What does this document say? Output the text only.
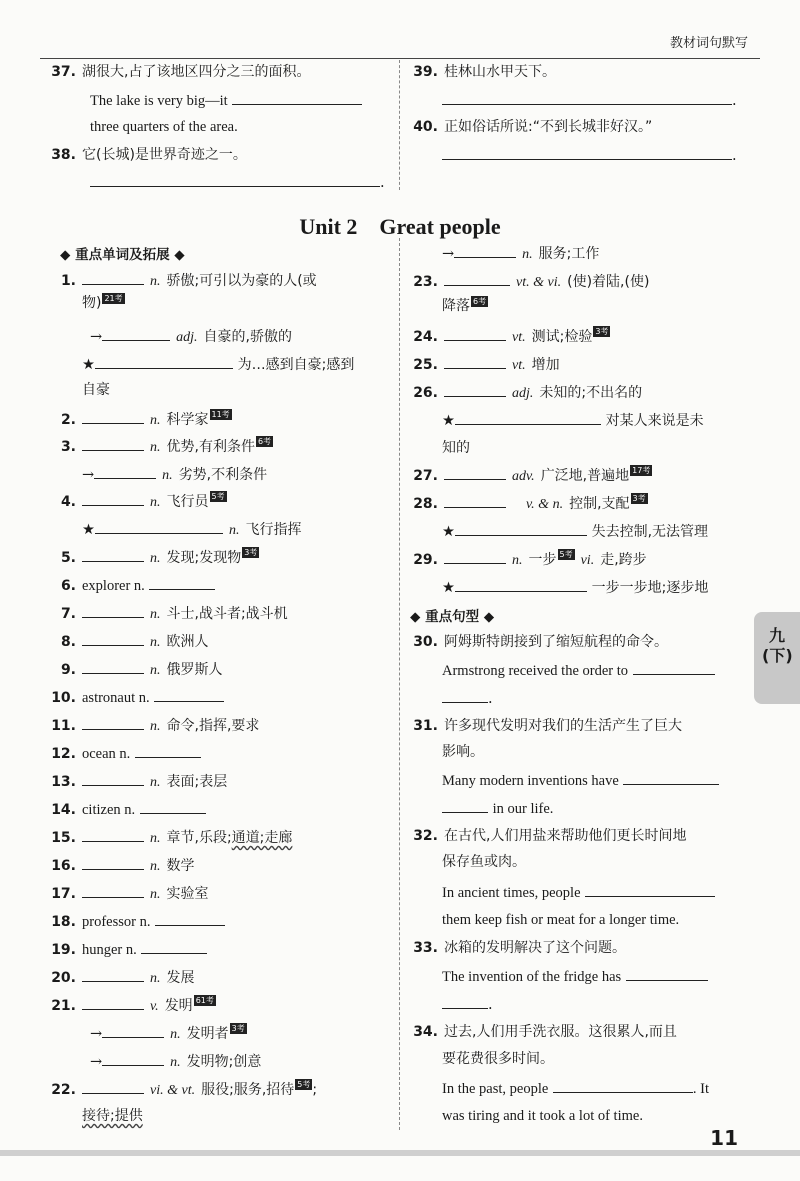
教材词句默写
37. 湖很大,占了该地区四分之三的面积。
The lake is very big—it
three quarters of the area.
38. 它(长城)是世界奇迹之一。
.
39. 桂林山水甲天下。
.
40. 正如俗话所说:“不到长城非好汉。”
.
Unit 2　Great people
◆ 重点单词及拓展 ◆
1.	n. 骄傲;可引以为豪的人(或
物) 21考
→	adj. 自豪的,骄傲的
★	为…感到自豪;感到
自豪
2.	n. 科学家 11考
3.	n. 优势,有利条件 6考
→	n. 劣势,不利条件
4.	n. 飞行员 5考
★	n. 飞行指挥
5.	n. 发现;发现物 3考
6. explorer n.
7.	n. 斗士,战斗者;战斗机
8.	n. 欧洲人
9.	n. 俄罗斯人
10. astronaut n.
11.	n. 命令,指挥,要求
12. ocean n.
13.	n. 表面;表层
14. citizen n.
15.	n. 章节,乐段;通道;走廊
16.	n. 数学
17.	n. 实验室
18. professor n.
19. hunger n.
20.	n. 发展
21.	v. 发明 61考
→	n. 发明者 3考
→	n. 发明物;创意
22.	vi. & vt. 服役;服务,招待 5考 ;
接待;提供
→	n. 服务;工作
23.	vt. & vi. (使)着陆,(使)
降落 6考
24.	vt. 测试;检验 3考
25.	vt. 增加
26.	adj. 未知的;不出名的
★	对某人来说是未
知的
27.	adv. 广泛地,普遍地 17考
28.	v. & n. 控制,支配 3考
★	失去控制,无法管理
29.	n. 一步 5考 vi. 走,跨步
★	一步一步地;逐步地
◆ 重点句型 ◆
30. 阿姆斯特朗接到了缩短航程的命令。
Armstrong received the order to
.
31. 许多现代发明对我们的生活产生了巨大
影响。
Many modern inventions have
in our life.
32. 在古代,人们用盐来帮助他们更长时间地
保存鱼或肉。
In ancient times, people
them keep fish or meat for a longer time.
33. 冰箱的发明解决了这个问题。
The invention of the fridge has
.
34. 过去,人们用手洗衣服。这很累人,而且
要花费很多时间。
In the past, people	. It
was tiring and it took a lot of time.
九(下)
11
